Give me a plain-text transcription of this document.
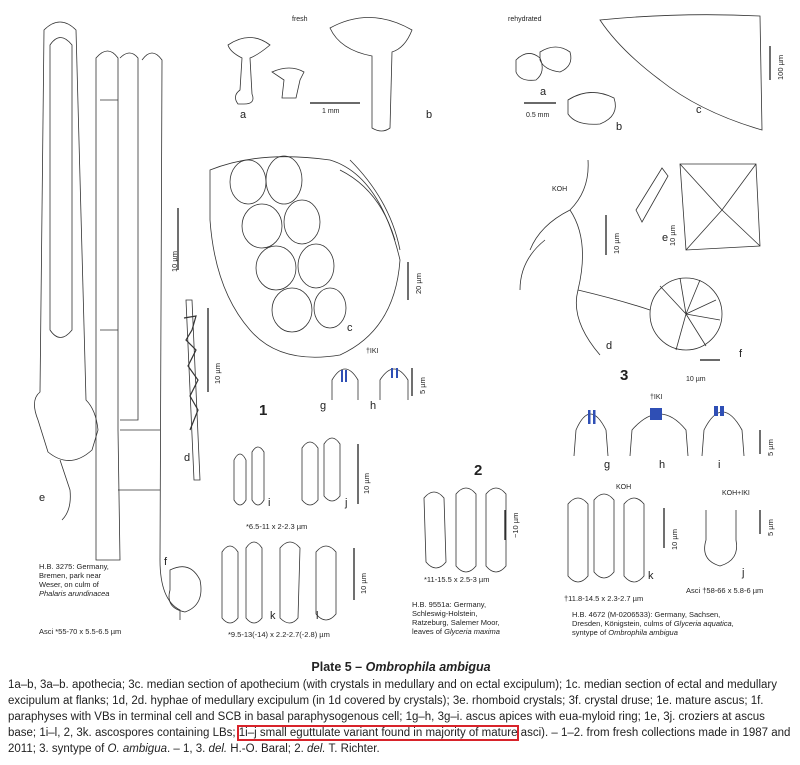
fresh
a	b
1 mm
c
d
e
f
g	h
i	j
k	l
1
†IKI
10 µm
20 µm
10 µm
5 µm
10 µm
10 µm
*6.5-11 x 2-2.3 µm
*9.5-13(-14) x 2.2-2.7(-2.8) µm
H.B. 3275: Germany,
Bremen, park near
Weser, on culm of
Phalaris arundinacea
Asci *55-70 x 5.5-6.5 µm
2
~10 µm
*11-15.5 x 2.5-3 µm
H.B. 9551a: Germany,
Schleswig-Holstein,
Ratzeburg, Salemer Moor,
leaves of Glyceria maxima
rehydrated
a
b
c
d
e
f
g	h	i
j
k
3
0.5 mm
100 µm
10 µm	10 µm
10 µm
10 µm
5 µm
5 µm
KOH
KOH
KOH+IKI
†IKI
†11.8-14.5 x 2.3-2.7 µm
Asci †58-66 x 5.8-6 µm
H.B. 4672 (M-0206533): Germany, Sachsen,
Dresden, Königstein, culms of Glyceria aquatica,
syntype of Ombrophila ambigua
Plate 5 – Ombrophila ambigua
1a–b, 3a–b. apothecia; 3c. median section of apothecium (with crystals in medullary and on ectal excipulum); 1c. median section of ectal and medullary excipulum at flanks; 1d, 2d. hyphae of medullary excipulum (in 1d covered by crystals); 3e. rhomboid crystals; 3f. crystal druse; 1e. mature ascus; 1f. paraphyses with VBs in terminal cell and SCB in basal paraphysogenous cell; 1g–h, 3g–i. ascus apices with eua-myloid ring; 1e, 3j. croziers at ascus base; 1i–l, 2, 3k. ascospores containing LBs; 1i–j small eguttulate variant found in majority of mature asci). – 1–2. from fresh collections made in 1987 and 2011; 3. syntype of O. ambigua. – 1, 3. del. H.-O. Baral; 2. del. T. Richter.
